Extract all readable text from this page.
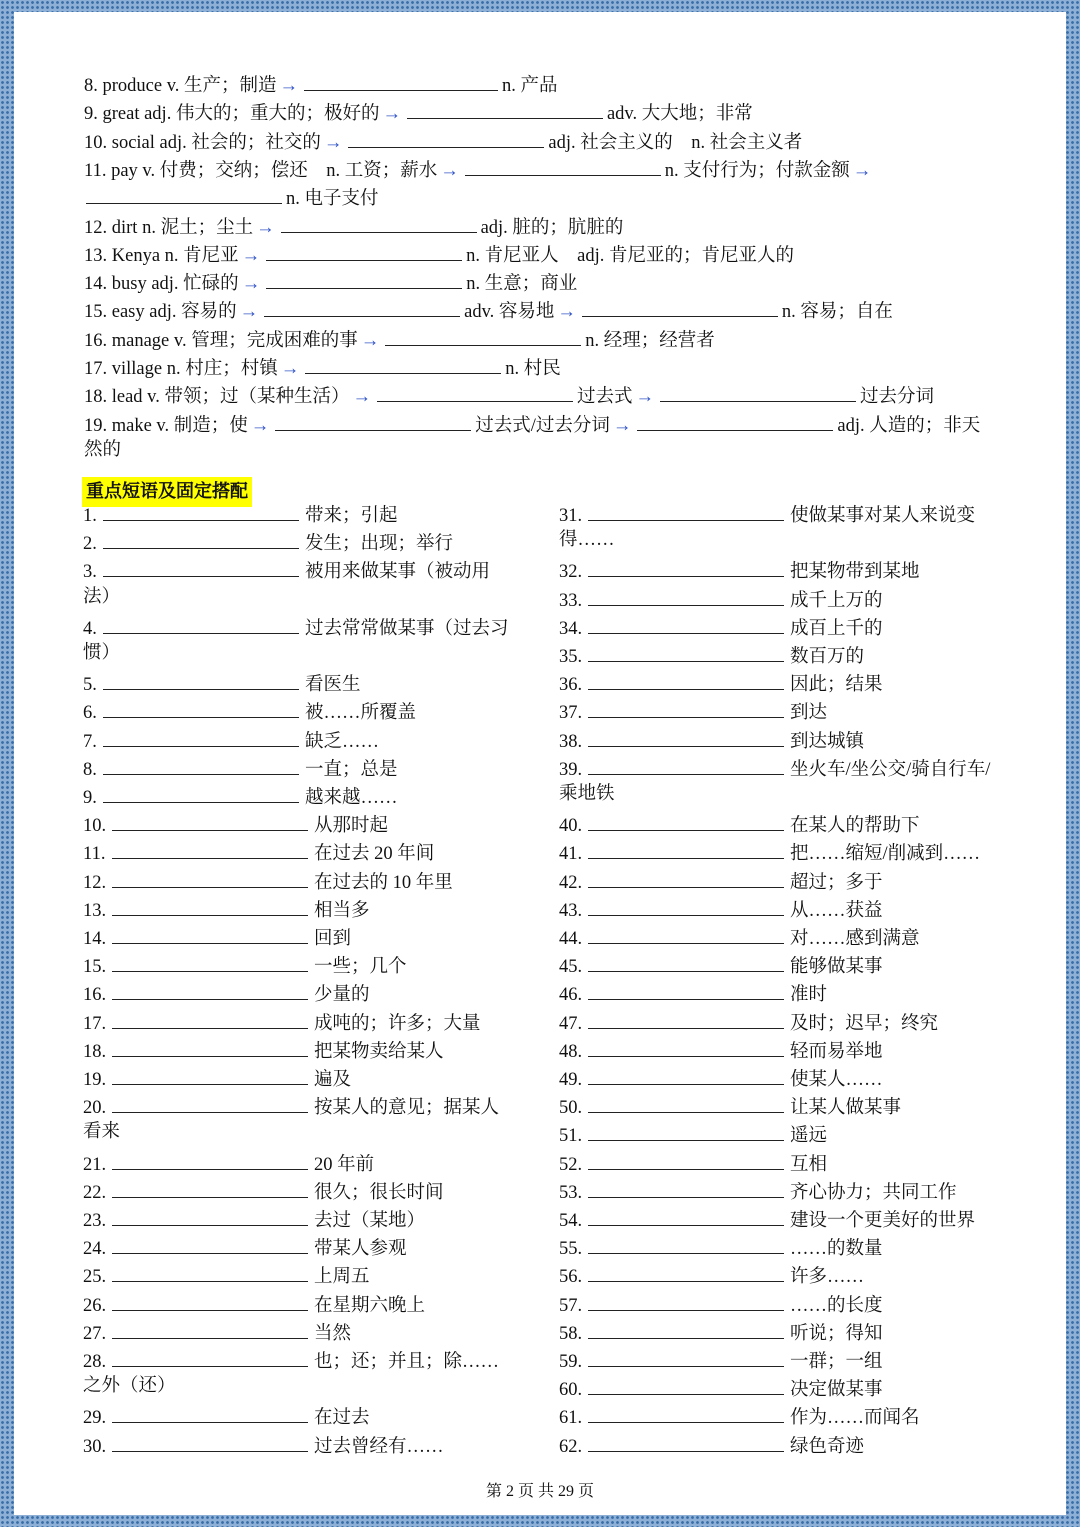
8. produce v. 生产；制造 →	n. 产品
9. great adj. 伟大的；重大的；极好的 →	adv. 大大地；非常
10. social adj. 社会的；社交的 →	adj. 社会主义的　n. 社会主义者
11. pay v. 付费；交纳；偿还　n. 工资；薪水 →	n. 支付行为；付款金额 →
n. 电子支付
12. dirt n. 泥土；尘土 →	adj. 脏的；肮脏的
13. Kenya n. 肯尼亚 →	n. 肯尼亚人　adj. 肯尼亚的；肯尼亚人的
14. busy adj. 忙碌的 →	n. 生意；商业
15. easy adj. 容易的 →	adv. 容易地 →	n. 容易；自在
16. manage v. 管理；完成困难的事 →	n. 经理；经营者
17. village n. 村庄；村镇 →	n. 村民
18. lead v. 带领；过（某种生活） →	过去式 →	过去分词
19. make v. 制造；使 →	过去式/过去分词 →	adj. 人造的；非天
然的
重点短语及固定搭配
1.	带来；引起
2.	发生；出现；举行
3.	被用来做某事（被动用
法）
4.	过去常常做某事（过去习
惯）
5.	看医生
6.	被……所覆盖
7.	缺乏……
8.	一直；总是
9.	越来越……
10.	从那时起
11.	在过去 20 年间
12.	在过去的 10 年里
13.	相当多
14.	回到
15.	一些；几个
16.	少量的
17.	成吨的；许多；大量
18.	把某物卖给某人
19.	遍及
20.	按某人的意见；据某人
看来
21.	20 年前
22.	很久；很长时间
23.	去过（某地）
24.	带某人参观
25.	上周五
26.	在星期六晚上
27.	当然
28.	也；还；并且；除……
之外（还）
29.	在过去
30.	过去曾经有……
31.	使做某事对某人来说变
得……
32.	把某物带到某地
33.	成千上万的
34.	成百上千的
35.	数百万的
36.	因此；结果
37.	到达
38.	到达城镇
39.	坐火车/坐公交/骑自行车/
乘地铁
40.	在某人的帮助下
41.	把……缩短/削减到……
42.	超过；多于
43.	从……获益
44.	对……感到满意
45.	能够做某事
46.	准时
47.	及时；迟早；终究
48.	轻而易举地
49.	使某人……
50.	让某人做某事
51.	遥远
52.	互相
53.	齐心协力；共同工作
54.	建设一个更美好的世界
55.	……的数量
56.	许多……
57.	……的长度
58.	听说；得知
59.	一群；一组
60.	决定做某事
61.	作为……而闻名
62.	绿色奇迹
第 2 页 共 29 页
